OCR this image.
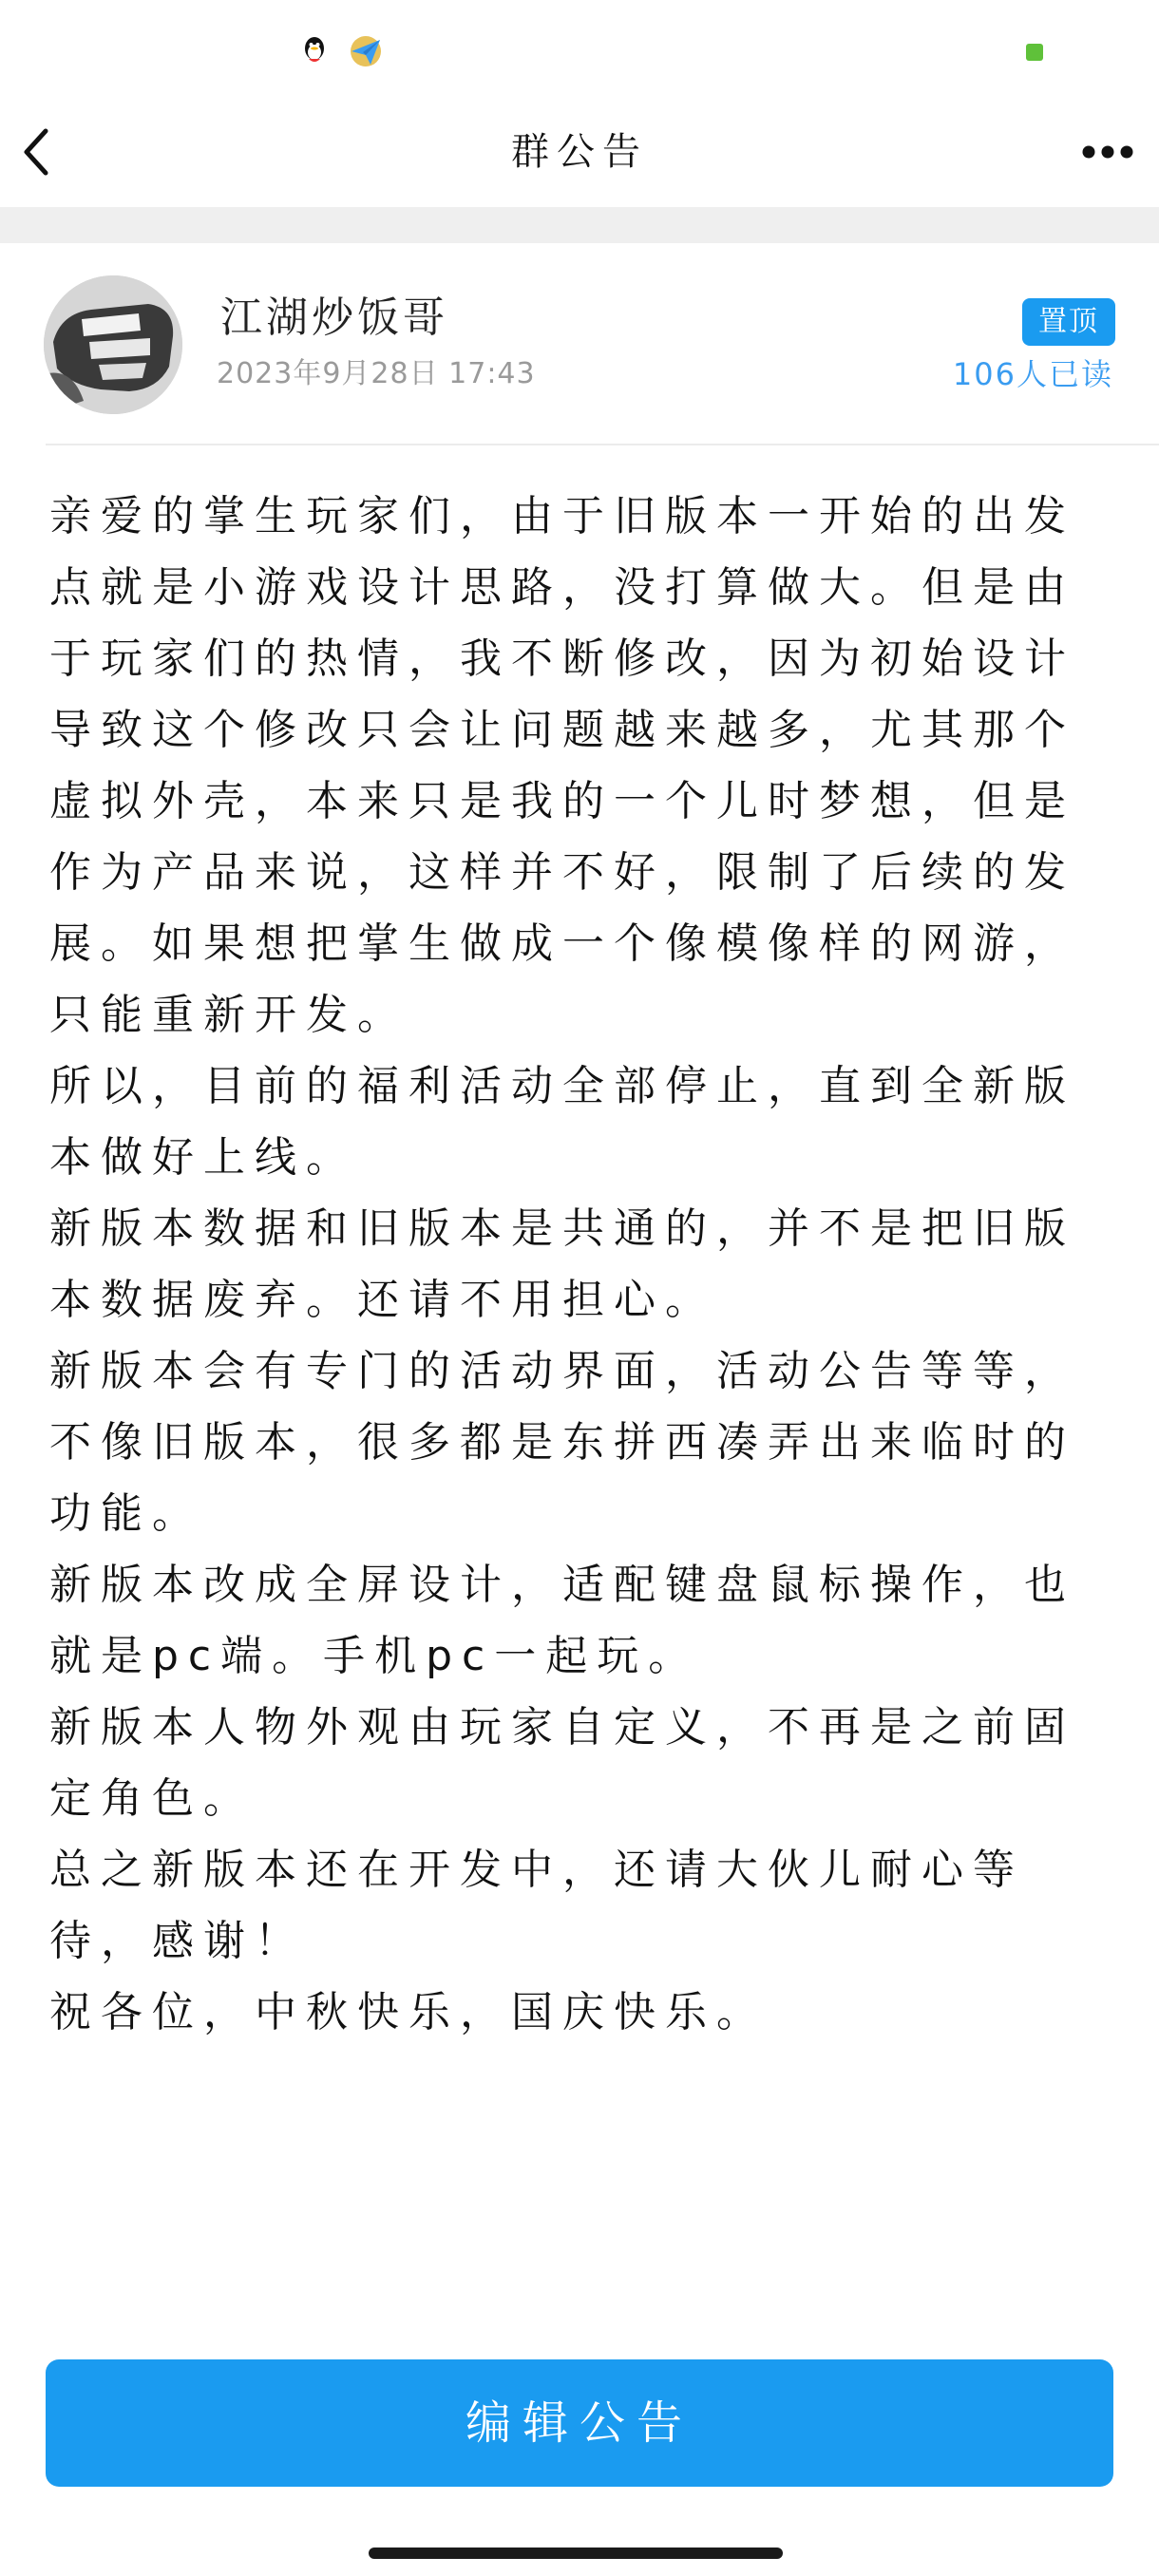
群公告
江湖炒饭哥
2023年9月28日 17:43
置顶
106人已读

亲爱的掌生玩家们，由于旧版本一开始的出发点就是小游戏设计思路，没打算做大。但是由于玩家们的热情，我不断修改，因为初始设计导致这个修改只会让问题越来越多，尤其那个虚拟外壳，本来只是我的一个儿时梦想，但是作为产品来说，这样并不好，限制了后续的发展。如果想把掌生做成一个像模像样的网游，只能重新开发。

所以，目前的福利活动全部停止，直到全新版本做好上线。

新版本数据和旧版本是共通的，并不是把旧版本数据废弃。还请不用担心。

新版本会有专门的活动界面，活动公告等等，不像旧版本，很多都是东拼西凑弄出来临时的功能。

新版本改成全屏设计，适配键盘鼠标操作，也就是pc端。手机pc一起玩。

新版本人物外观由玩家自定义，不再是之前固定角色。

总之新版本还在开发中，还请大伙儿耐心等待，感谢！

祝各位，中秋快乐，国庆快乐。

编辑公告
